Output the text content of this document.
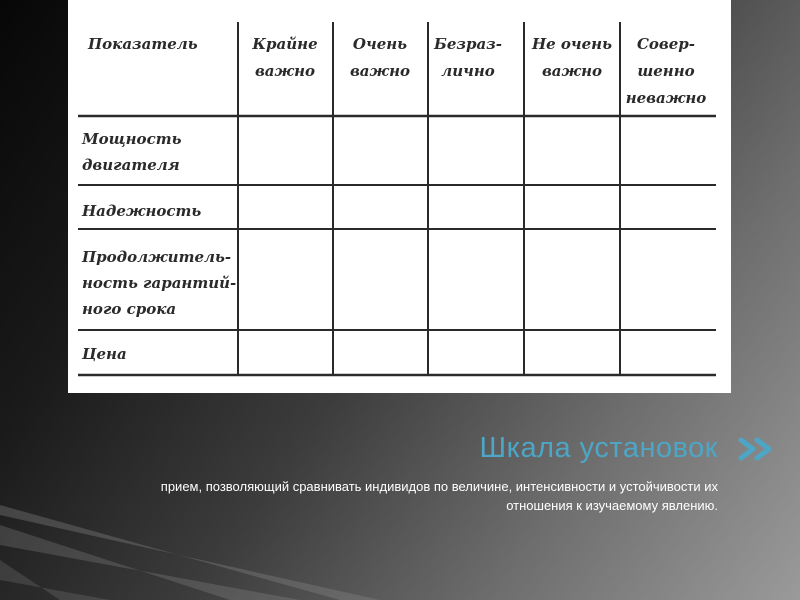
Показатель	Крайне
важно
Очень
важно
Безраз-
лично
Не очень
важно
Совер-
шенно
неважно
Мощность
двигателя
Надежность
Продолжитель-
ность гарантий-
ного срока
Цена
Шкала установок

прием, позволяющий сравнивать индивидов по величине, интенсивности и устойчивости их отношения к изучаемому явлению.
